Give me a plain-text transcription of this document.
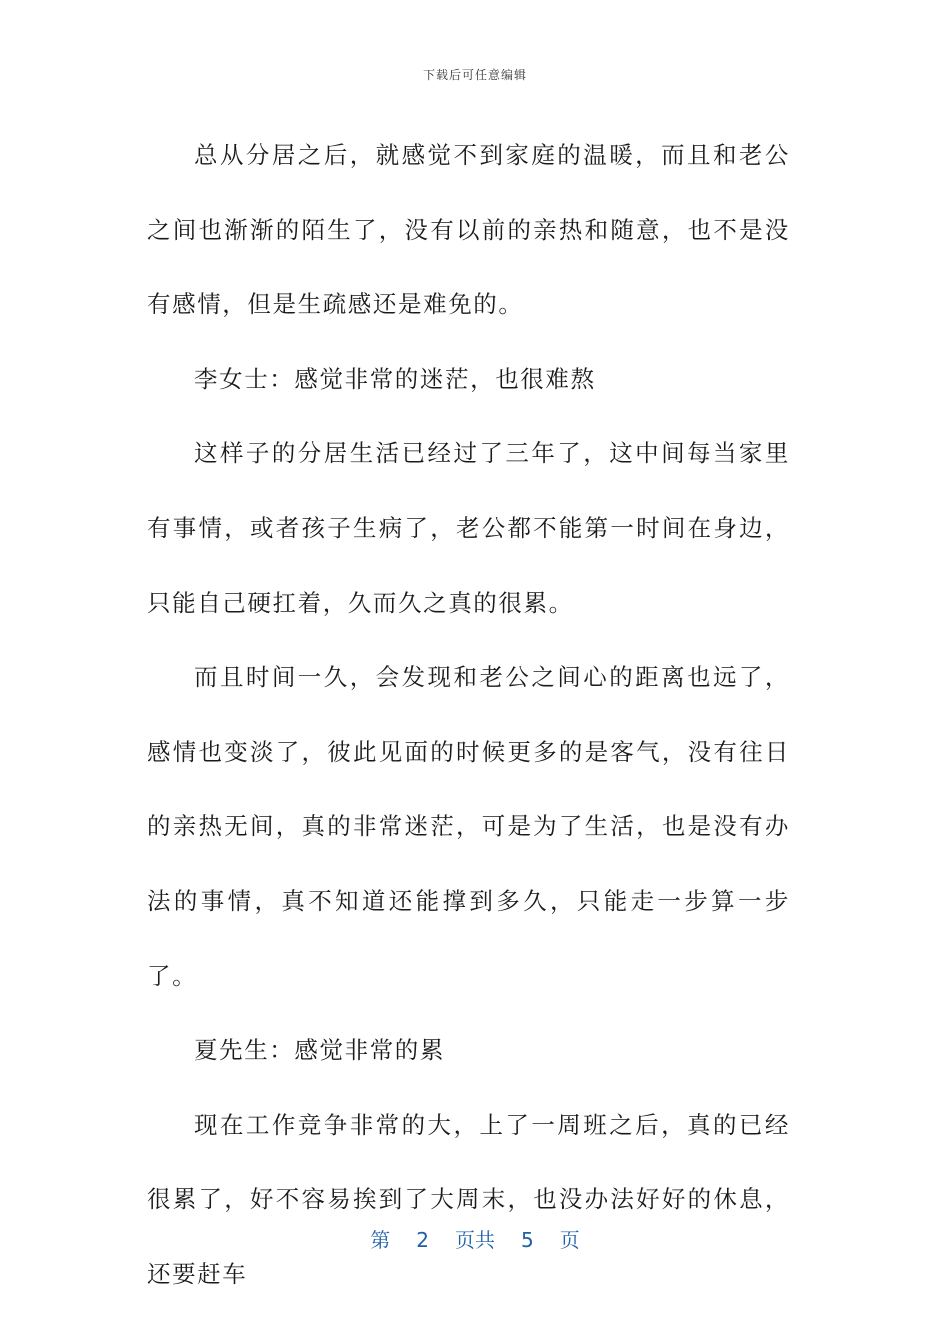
下载后可任意编辑

总从分居之后，就感觉不到家庭的温暖，而且和老公之间也渐渐的陌生了，没有以前的亲热和随意，也不是没有感情，但是生疏感还是难免的。

李女士：感觉非常的迷茫，也很难熬

这样子的分居生活已经过了三年了，这中间每当家里有事情，或者孩子生病了，老公都不能第一时间在身边，只能自己硬扛着，久而久之真的很累。

而且时间一久，会发现和老公之间心的距离也远了，感情也变淡了，彼此见面的时候更多的是客气，没有往日的亲热无间，真的非常迷茫，可是为了生活，也是没有办法的事情，真不知道还能撑到多久，只能走一步算一步了。

夏先生：感觉非常的累

现在工作竞争非常的大，上了一周班之后，真的已经很累了，好不容易挨到了大周末，也没办法好好的休息，还要赶车

第 2 页共 5 页
